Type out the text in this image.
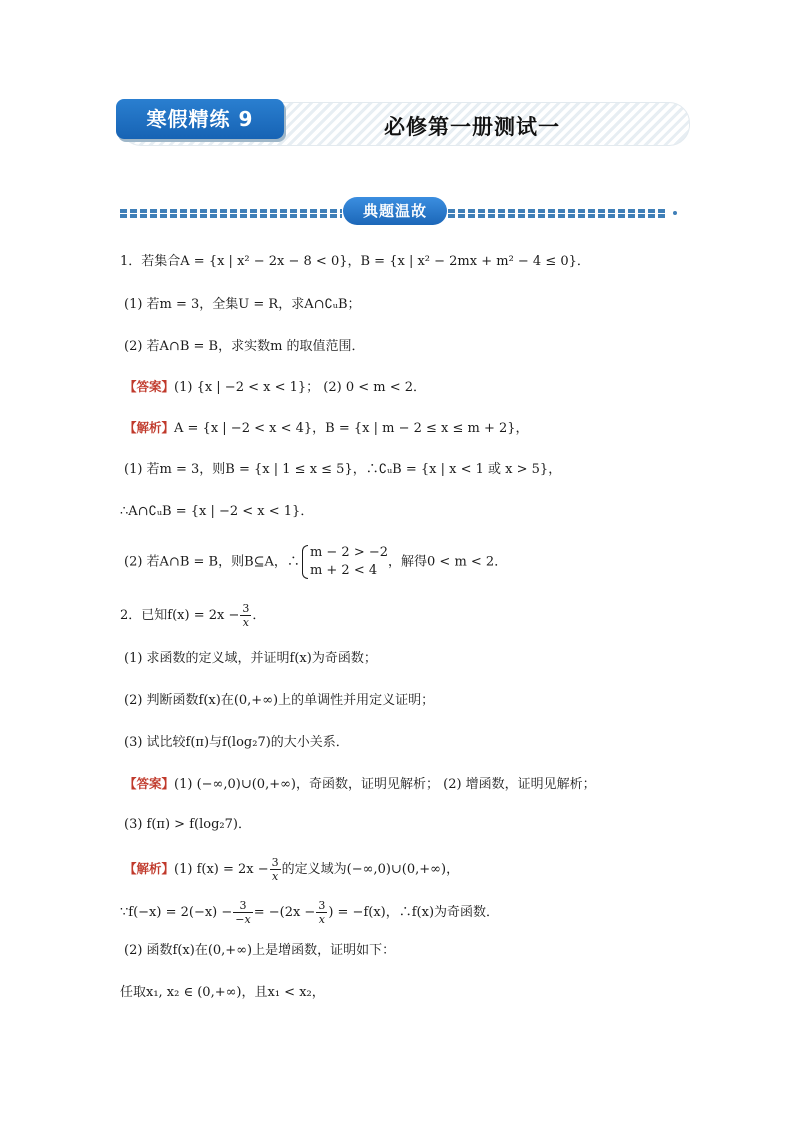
寒假精练 9	必修第一册测试一
典题温故
1．若集合A = {x | x² − 2x − 8 < 0}，B = {x | x² − 2mx + m² − 4 ≤ 0}．
(1) 若m = 3，全集U = R，求A∩∁ᵤB；
(2) 若A∩B = B，求实数m 的取值范围．
【答案】(1) {x | −2 < x < 1}； (2) 0 < m < 2．
【解析】A = {x | −2 < x < 4}，B = {x | m − 2 ≤ x ≤ m + 2}，
(1) 若m = 3，则B = {x | 1 ≤ x ≤ 5}，∴∁ᵤB = {x | x < 1 或 x > 5}，
∴A∩∁ᵤB = {x | −2 < x < 1}．
(2) 若A∩B = B，则B⊆A，∴
m − 2 > −2
m + 2 < 4
，解得0 < m < 2．
2．已知$f(x) = 2x - \frac{3}{x}$ ．
(1) 求函数的定义域，并证明f(x)为奇函数；
(2) 判断函数f(x)在(0,+∞)上的单调性并用定义证明；
(3) 试比较f(π)与f(log₂7)的大小关系．
【答案】(1) (−∞,0)∪(0,+∞)，奇函数，证明见解析； (2) 增函数，证明见解析；
(3) f(π) > f(log₂7)．
【解析】(1) $f(x) = 2x - \frac{3}{x}$ 的定义域为(−∞,0)∪(0,+∞)，
∵f(−x) = $2(-x) - \frac{3}{-x} = -(2x - \frac{3}{x}$ ) = −f(x)，∴f(x)为奇函数．
(2) 函数f(x)在(0,+∞)上是增函数，证明如下：
任取x₁, x₂ ∈ (0,+∞)，且x₁ < x₂，
